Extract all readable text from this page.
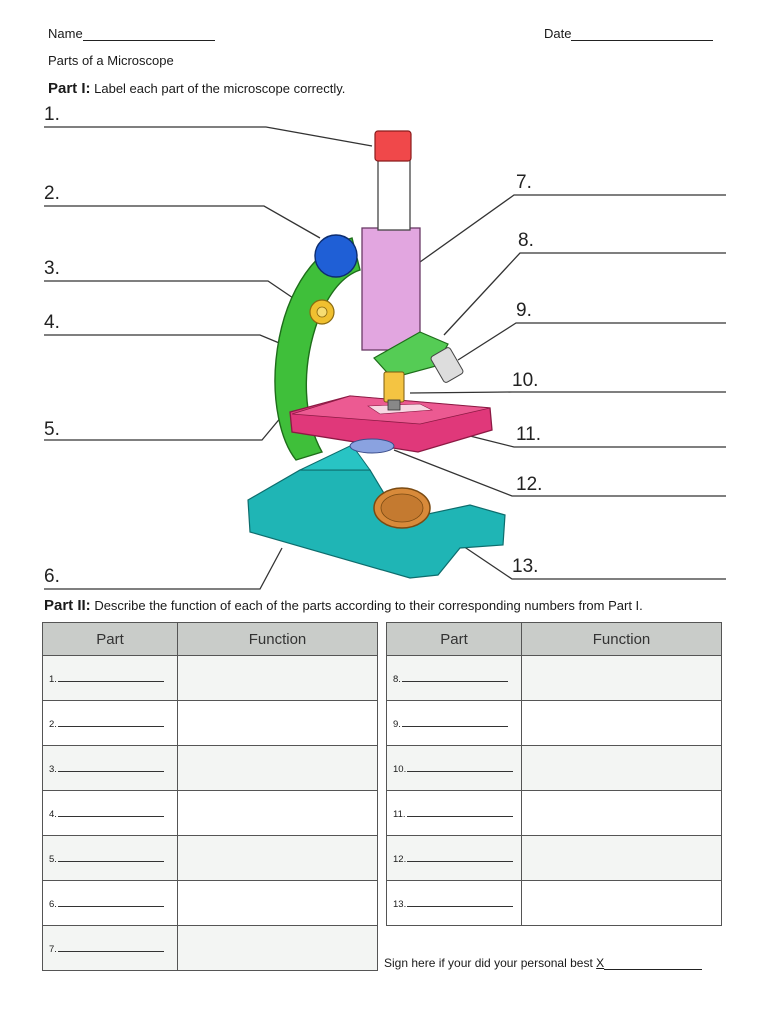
Name	Date
Parts of a Microscope
Part I: Label each part of the microscope correctly.
1.
2.
3.
4.
5.
6.
7.
8.
9.
10.
11.
12.
13.
Part II: Describe the function of each of the parts according to their corresponding numbers from Part I.
Part	Function
1.	
2.	
3.	
4.	
5.	
6.	
7.	
Part	Function
8.	
9.	
10.	
11.	
12.	
13.	
Sign here if your did your personal best X
